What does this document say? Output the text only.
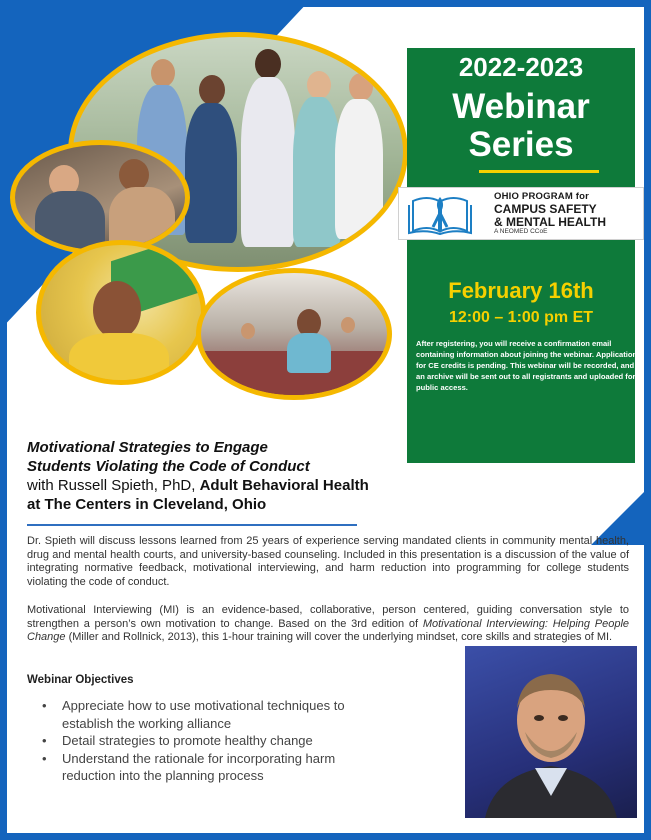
2022-2023
Webinar
Series
February 16th
12:00 – 1:00 pm ET
After registering, you will receive a confirmation email containing information about joining the webinar. Application for CE credits is pending. This webinar will be recorded, and an archive will be sent out to all registrants and uploaded for public access.
OHIO PROGRAM for
CAMPUS SAFETY
& MENTAL HEALTH
A NEOMED CCoE
Motivational Strategies to Engage
Students Violating the Code of Conduct
with Russell Spieth, PhD, Adult Behavioral Health at The Centers in Cleveland, Ohio
Dr. Spieth will discuss lessons learned from 25 years of experience serving mandated clients in community mental health, drug and mental health courts, and university-based counseling. Included in this presentation is a discussion of the value of integrating normative feedback, motivational interviewing, and harm reduction into programming for college students violating the code of conduct.
Motivational Interviewing (MI) is an evidence-based, collaborative, person centered, guiding conversation style to strengthen a person’s own motivation to change. Based on the 3rd edition of Motivational Interviewing: Helping People Change (Miller and Rollnick, 2013), this 1-hour training will cover the underlying mindset, core skills and strategies of MI.
Webinar Objectives
• Appreciate how to use motivational techniques to establish the working alliance
• Detail strategies to promote healthy change
• Understand the rationale for incorporating harm reduction into the planning process
